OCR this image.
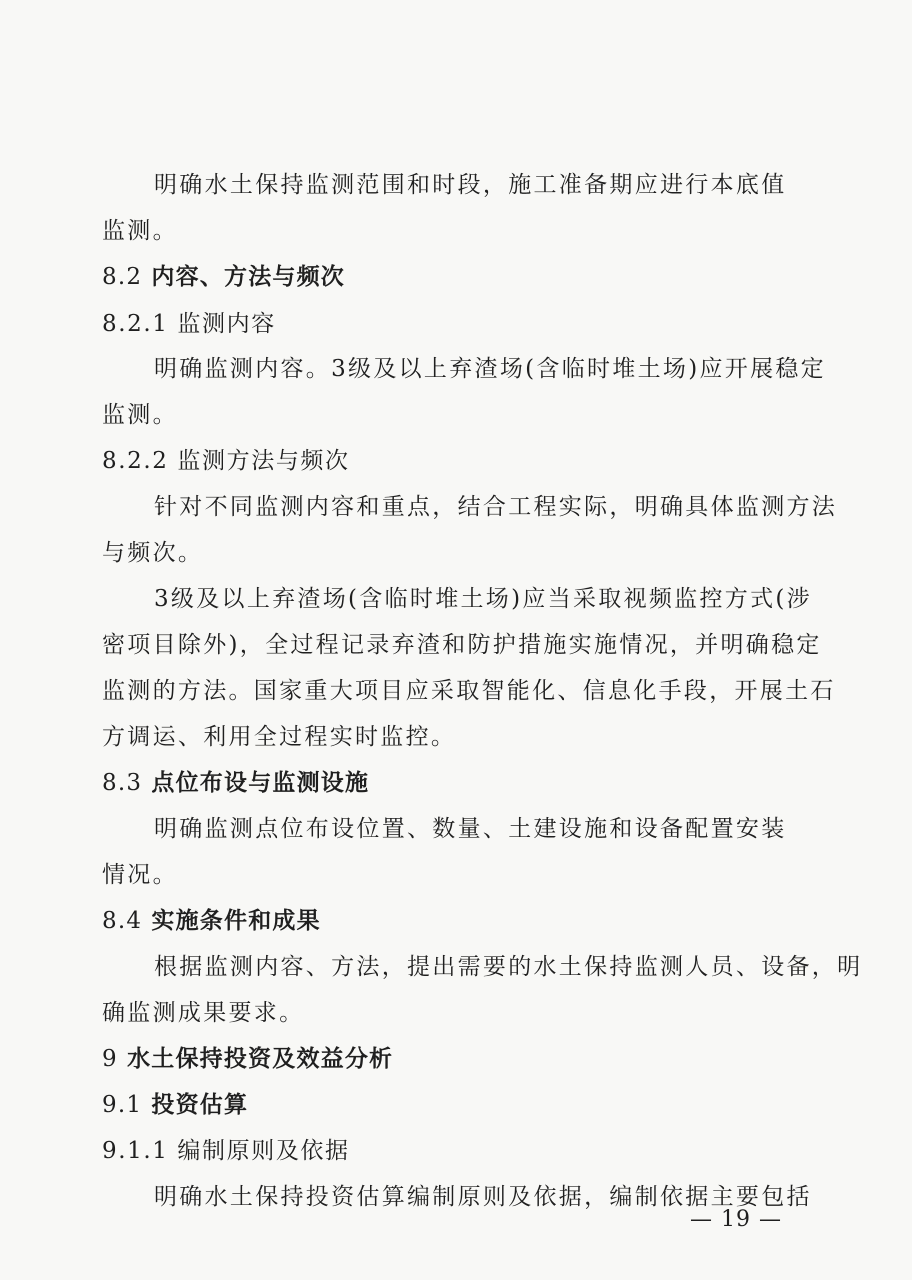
明确水土保持监测范围和时段，施工准备期应进行本底值
监测。
8.2 内容、方法与频次
8.2.1 监测内容
明确监测内容。3级及以上弃渣场(含临时堆土场)应开展稳定
监测。
8.2.2 监测方法与频次
针对不同监测内容和重点，结合工程实际，明确具体监测方法
与频次。
3级及以上弃渣场(含临时堆土场)应当采取视频监控方式(涉
密项目除外)，全过程记录弃渣和防护措施实施情况，并明确稳定
监测的方法。国家重大项目应采取智能化、信息化手段，开展土石
方调运、利用全过程实时监控。
8.3 点位布设与监测设施
明确监测点位布设位置、数量、土建设施和设备配置安装
情况。
8.4 实施条件和成果
根据监测内容、方法，提出需要的水土保持监测人员、设备，明
确监测成果要求。
9 水土保持投资及效益分析
9.1 投资估算
9.1.1 编制原则及依据
明确水土保持投资估算编制原则及依据，编制依据主要包括
— 19 —
